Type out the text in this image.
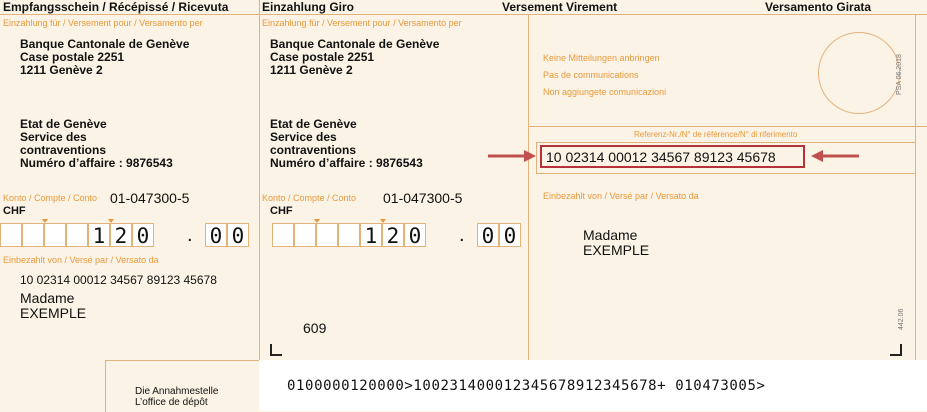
Empfangsschein / Récépissé / Ricevuta
Einzahlung für / Versement pour / Versamento per
Banque Cantonale de Genève
Case postale 2251
1211 Genève 2
Etat de Genève
Service des
contraventions
Numéro d’affaire : 9876543
Konto / Compte / Conto 01-047300-5
CHF
1 2 0 . 0 0
Einbezahlt von / Versé par / Versato da
10 02314 00012 34567 89123 45678
Madame
EXEMPLE
Die Annahmestelle
L’office de dépôt
Einzahlung Giro	Versement Virement	Versamento Girata
Einzahlung für / Versement pour / Versamento per
Banque Cantonale de Genève
Case postale 2251
1211 Genève 2
Etat de Genève
Service des
contraventions
Numéro d’affaire : 9876543
Konto / Compte / Conto 01-047300-5
CHF
1 2 0 . 0 0
609
Keine Mitteilungen anbringen
Pas de communications
Non aggiungete comunicazioni	PSA 06.2018
Referenz-Nr./N° de référence/N° di riferimento
10 02314 00012 34567 89123 45678
Einbezahlt von / Versé par / Versato da
Madame
EXEMPLE
442.06
0100000120000>100231400012345678912345678+ 010473005>
